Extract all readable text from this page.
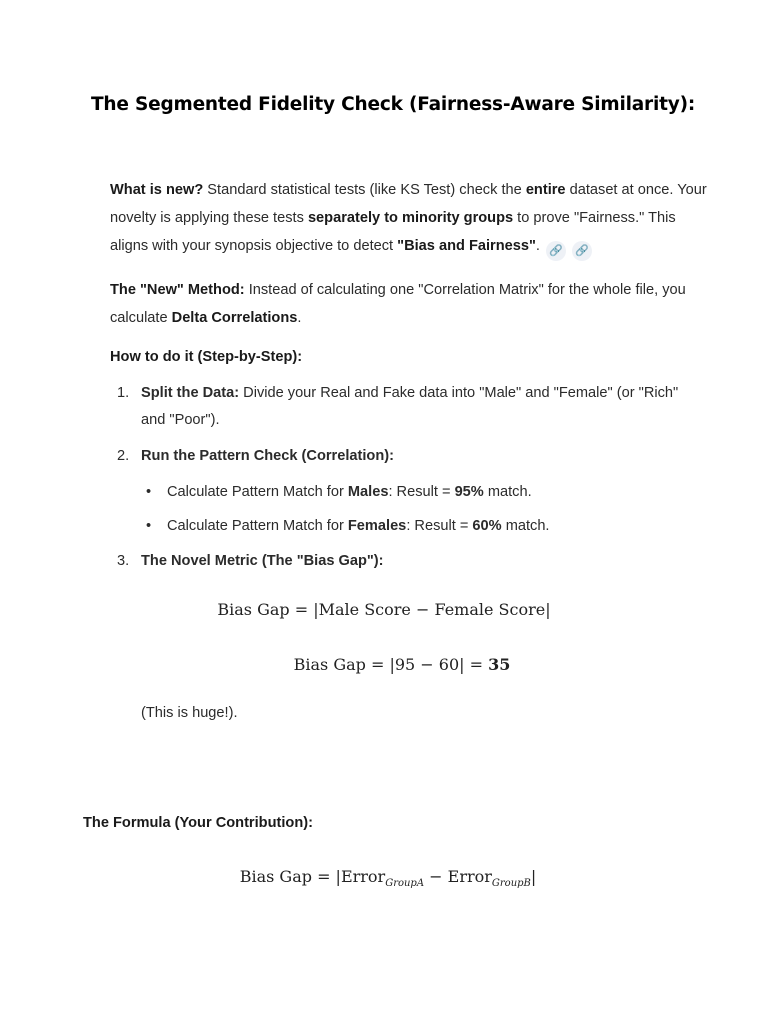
The Segmented Fidelity Check (Fairness-Aware Similarity):
What is new? Standard statistical tests (like KS Test) check the entire dataset at once. Your novelty is applying these tests separately to minority groups to prove "Fairness." This aligns with your synopsis objective to detect "Bias and Fairness". 🔗 🔗
The "New" Method: Instead of calculating one "Correlation Matrix" for the whole file, you calculate Delta Correlations.
How to do it (Step-by-Step):
1. Split the Data: Divide your Real and Fake data into "Male" and "Female" (or "Rich" and "Poor").
2. Run the Pattern Check (Correlation):
• Calculate Pattern Match for Males: Result = 95% match.
• Calculate Pattern Match for Females: Result = 60% match.
3. The Novel Metric (The "Bias Gap"):
Bias Gap = |Male Score − Female Score|
Bias Gap = |95 − 60| = 35
(This is huge!).
The Formula (Your Contribution):
Bias Gap = |Error$_{GroupA}$ − Error$_{GroupB}$|
